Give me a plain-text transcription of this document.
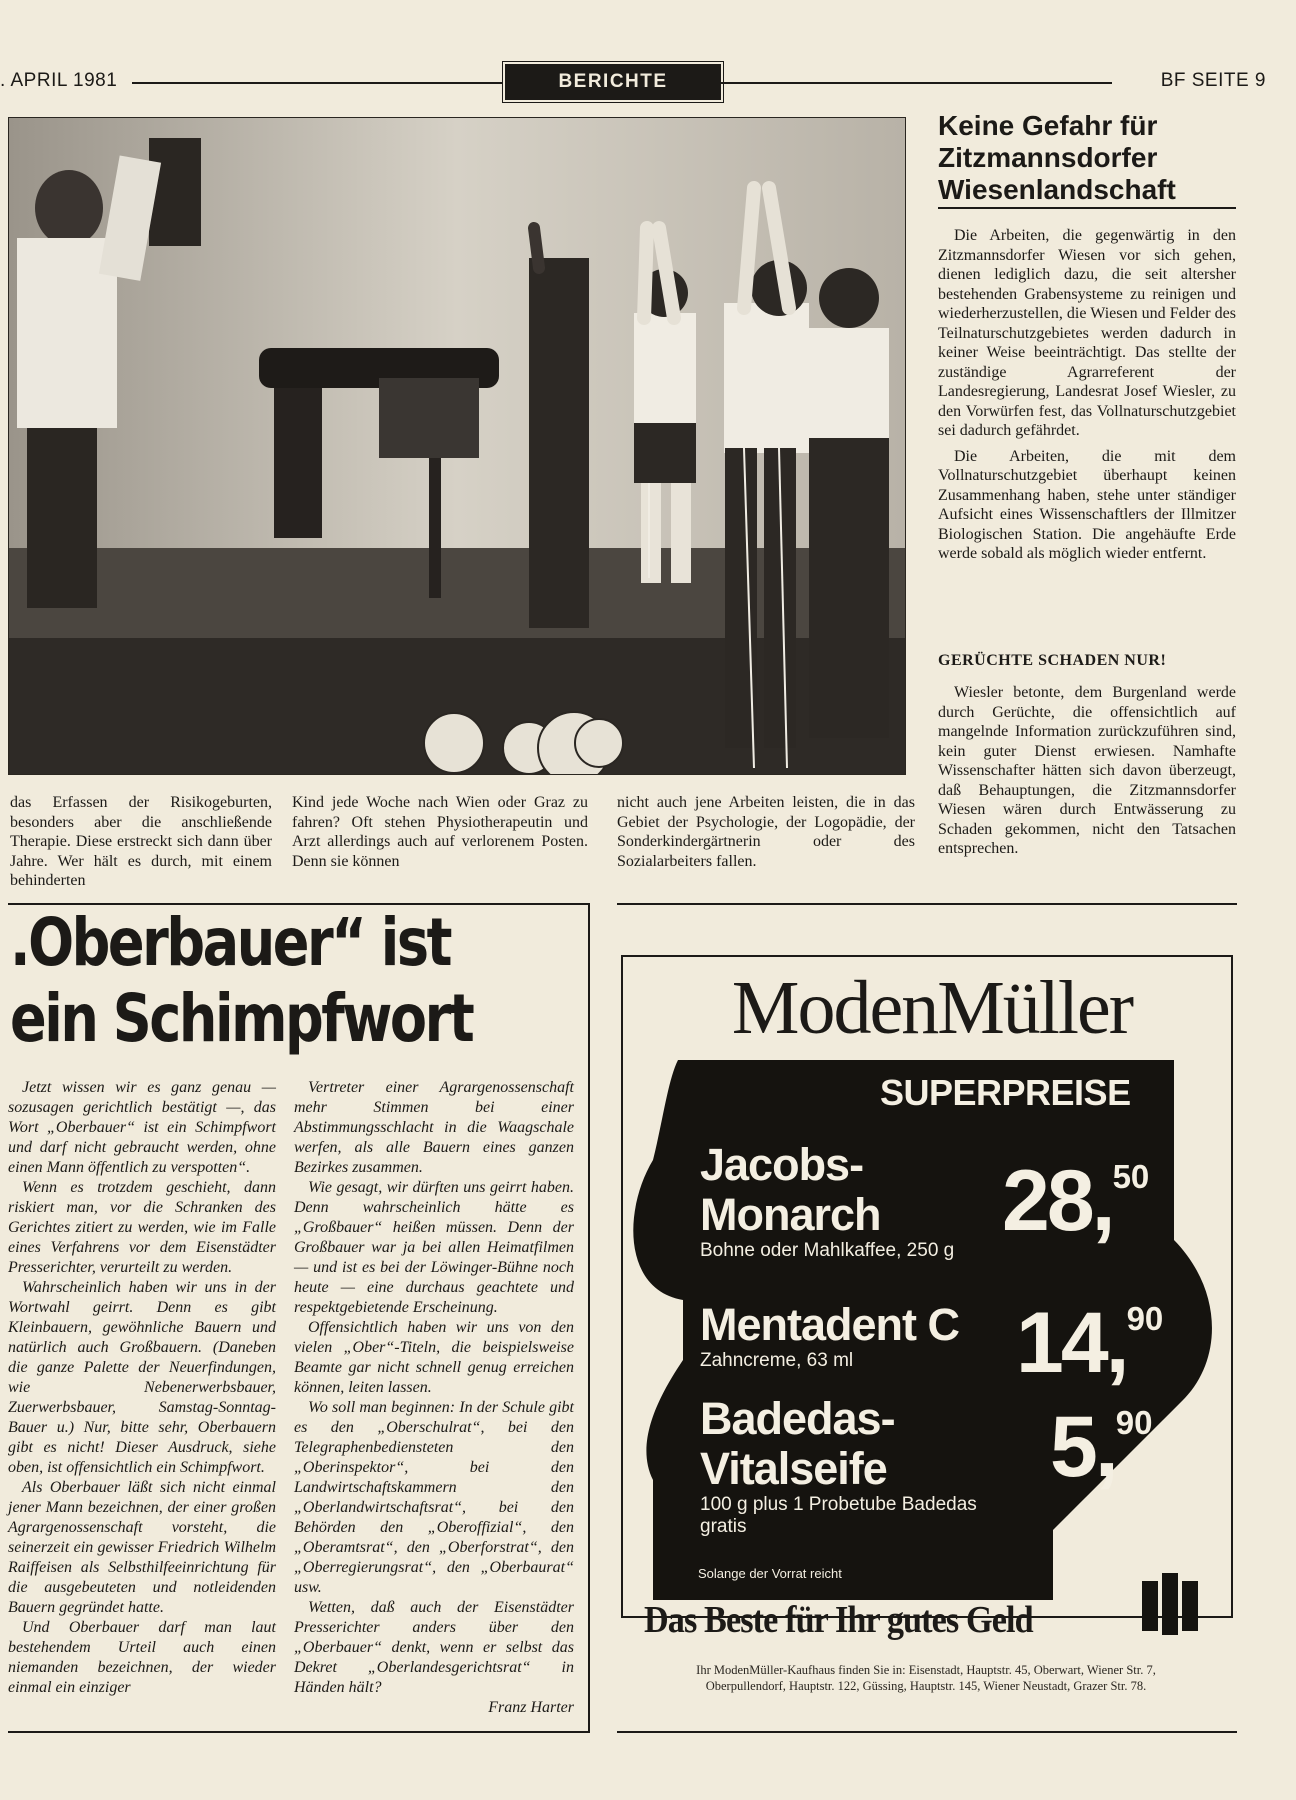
. APRIL 1981	BERICHTE	BF SEITE 9
Keine Gefahr für
Zitzmannsdorfer
Wiesenlandschaft

Die Arbeiten, die gegenwärtig in den Zitzmannsdorfer Wiesen vor sich gehen, dienen lediglich dazu, die seit altersher bestehenden Grabensysteme zu reinigen und wiederherzustellen, die Wiesen und Felder des Teilnaturschutzgebietes werden dadurch in keiner Weise beeinträchtigt. Das stellte der zuständige Agrarreferent der Landesregierung, Landesrat Josef Wiesler, zu den Vorwürfen fest, das Vollnaturschutzgebiet sei dadurch gefährdet.

Die Arbeiten, die mit dem Vollnaturschutzgebiet überhaupt keinen Zusammenhang haben, stehe unter ständiger Aufsicht eines Wissenschaftlers der Illmitzer Biologischen Station. Die angehäufte Erde werde sobald als möglich wieder entfernt.

GERÜCHTE SCHADEN NUR!

Wiesler betonte, dem Burgenland werde durch Gerüchte, die offensichtlich auf mangelnde Information zurückzuführen sind, kein guter Dienst erwiesen. Namhafte Wissenschafter hätten sich davon überzeugt, daß Behauptungen, die Zitzmannsdorfer Wiesen wären durch Entwässerung zu Schaden gekommen, nicht den Tatsachen entsprechen.

das Erfassen der Risikogeburten, besonders aber die anschließende Therapie. Diese erstreckt sich dann über Jahre. Wer hält es durch, mit einem behinderten
Kind jede Woche nach Wien oder Graz zu fahren? Oft stehen Physiotherapeutin und Arzt allerdings auch auf verlorenem Posten. Denn sie können
nicht auch jene Arbeiten leisten, die in das Gebiet der Psychologie, der Logopädie, der Sonderkindergärtnerin oder des Sozialarbeiters fallen.
.Oberbauer“ ist
ein Schimpfwort

Jetzt wissen wir es ganz genau — sozusagen gerichtlich bestätigt —, das Wort „Oberbauer“ ist ein Schimpfwort und darf nicht gebraucht werden, ohne einen Mann öffentlich zu verspotten“.

Wenn es trotzdem geschieht, dann riskiert man, vor die Schranken des Gerichtes zitiert zu werden, wie im Falle eines Verfahrens vor dem Eisenstädter Presserichter, verurteilt zu werden.

Wahrscheinlich haben wir uns in der Wortwahl geirrt. Denn es gibt Kleinbauern, gewöhnliche Bauern und natürlich auch Großbauern. (Daneben die ganze Palette der Neuerfindungen, wie Nebenerwerbsbauer, Zuerwerbsbauer, Samstag-Sonntag-Bauer u.) Nur, bitte sehr, Oberbauern gibt es nicht! Dieser Ausdruck, siehe oben, ist offensichtlich ein Schimpfwort.

Als Oberbauer läßt sich nicht einmal jener Mann bezeichnen, der einer großen Agrargenossenschaft vorsteht, die seinerzeit ein gewisser Friedrich Wilhelm Raiffeisen als Selbsthilfeeinrichtung für die ausgebeuteten und notleidenden Bauern gegründet hatte.

Und Oberbauer darf man laut bestehendem Urteil auch einen niemanden bezeichnen, der wieder einmal ein einziger

Vertreter einer Agrargenossenschaft mehr Stimmen bei einer Abstimmungsschlacht in die Waagschale werfen, als alle Bauern eines ganzen Bezirkes zusammen.

Wie gesagt, wir dürften uns geirrt haben. Denn wahrscheinlich hätte es „Großbauer“ heißen müssen. Denn der Großbauer war ja bei allen Heimatfilmen — und ist es bei der Löwinger-Bühne noch heute — eine durchaus geachtete und respektgebietende Erscheinung.

Offensichtlich haben wir uns von den vielen „Ober“-Titeln, die beispielsweise Beamte gar nicht schnell genug erreichen können, leiten lassen.

Wo soll man beginnen: In der Schule gibt es den „Oberschulrat“, bei den Telegraphenbediensteten den „Oberinspektor“, bei den Landwirtschaftskammern den „Oberlandwirtschaftsrat“, bei den Behörden den „Oberoffizial“, den „Oberamtsrat“, den „Oberforstrat“, den „Oberregierungsrat“, den „Oberbaurat“ usw.

Wetten, daß auch der Eisenstädter Presserichter anders über den „Oberbauer“ denkt, wenn er selbst das Dekret „Oberlandesgerichtsrat“ in Händen hält?

Franz Harter
ModenMüller
SUPERPREISE
Jacobs-
Monarch
Bohne oder Mahlkaffee, 250 g
28, 50
Mentadent C
Zahncreme, 63 ml	14, 90
Badedas-
Vitalseife
100 g plus 1 Probetube Badedas gratis
5, 90
Solange der Vorrat reicht
Das Beste für Ihr gutes Geld
Ihr ModenMüller-Kaufhaus finden Sie in: Eisenstadt, Hauptstr. 45, Oberwart, Wiener Str. 7,
Oberpullendorf, Hauptstr. 122, Güssing, Hauptstr. 145, Wiener Neustadt, Grazer Str. 78.
